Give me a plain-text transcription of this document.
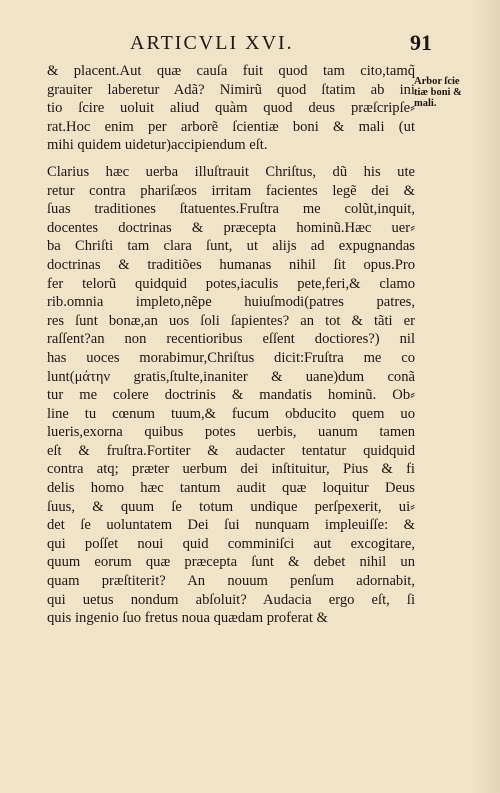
ARTICVLI XVI.	91
Arbor ſcie
tiæ boni &
mali.
& placent.Aut quæ cauſa fuit quod tam cito,tamq̃
grauiter laberetur Adã? Nimirũ quod ſtatim ab ini
tio ſcire uoluit aliud quàm quod deus præſcripſe⸗
rat.Hoc enim per arborẽ ſcientiæ boni & mali (ut
mihi quidem uidetur)accipiendum eſt.
Clarius hæc uerba illuſtrauit Chriſtus, dũ his ute
retur contra phariſæos irritam facientes legẽ dei &
ſuas traditiones ſtatuentes.Fruſtra me colũt,inquit,
docentes doctrinas & præcepta hominũ.Hæc uer⸗
ba Chriſti tam clara ſunt, ut alijs ad expugnandas
doctrinas & traditiões humanas nihil ſit opus.Pro
fer telorũ quidquid potes,iaculis pete,feri,& clamo
rib.omnia impleto,nẽpe huiuſmodi(patres patres,
res ſunt bonæ,an uos ſoli ſapientes? an tot & tãti er
raſſent?an non recentioribus eſſent doctiores?) nil
has uoces morabimur,Chriſtus dicit:Fruſtra me co
lunt(μάτην gratis,ſtulte,inaniter & uane)dum conã
tur me colere doctrinis & mandatis hominũ. Ob⸗
line tu cœnum tuum,& fucum obducito quem uo
lueris,exorna quibus potes uerbis, uanum tamen
eſt & fruſtra.Fortiter & audacter tentatur quidquid
contra atq; præter uerbum dei inſtituitur, Pius & fi
delis homo hæc tantum audit quæ loquitur Deus
ſuus, & quum ſe totum undique perſpexerit, ui⸗
det ſe uoluntatem Dei ſui nunquam impleuiſſe: &
qui poſſet noui quid comminiſci aut excogitare,
quum eorum quæ præcepta ſunt & debet nihil un
quam præſtiterit? An nouum penſum adornabit,
qui uetus nondum abſoluit? Audacia ergo eſt, ſi
quis ingenio ſuo fretus noua quædam proferat &
